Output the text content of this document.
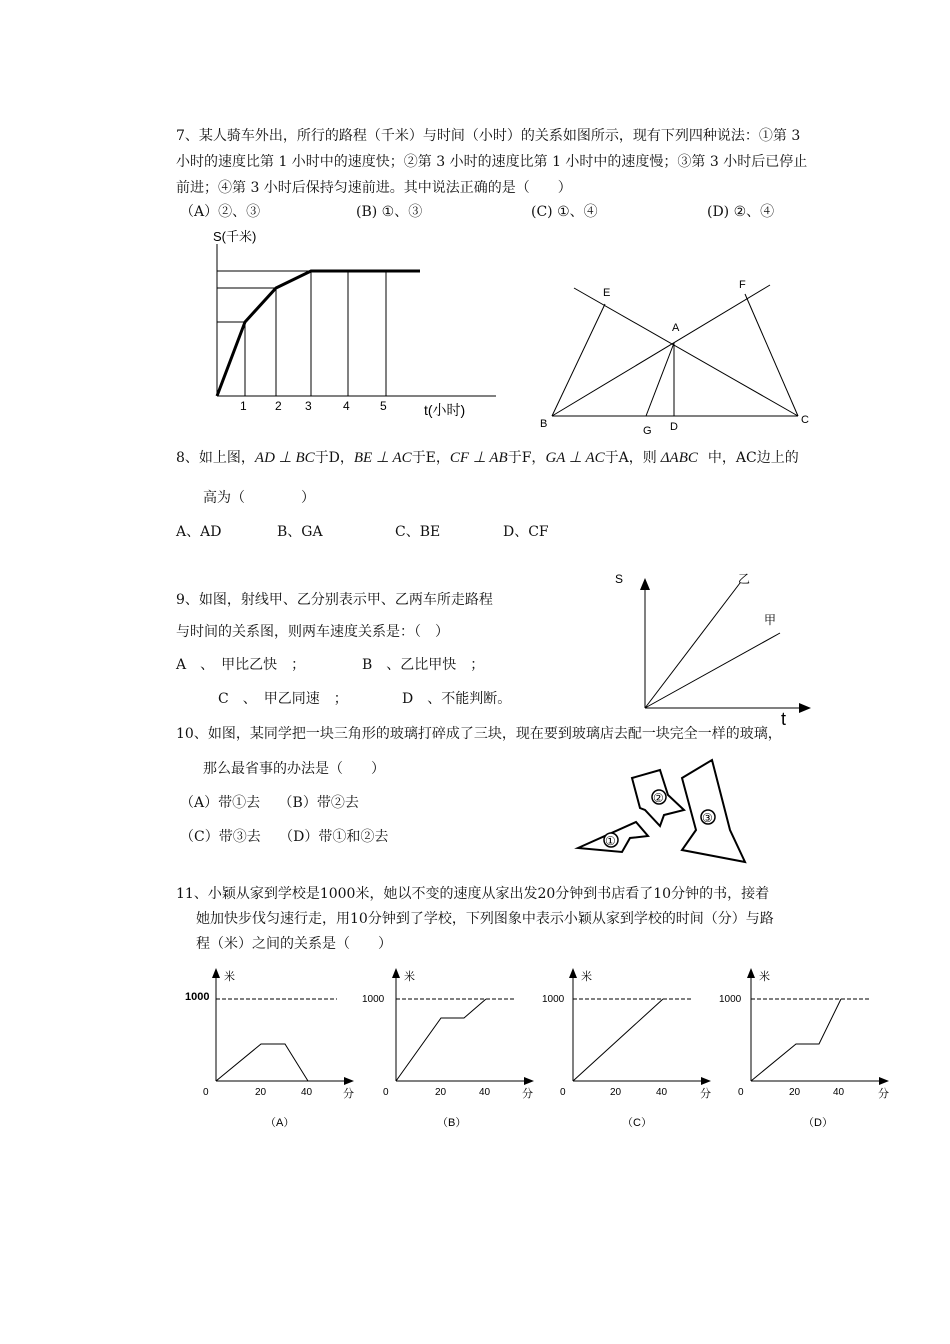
7、某人骑车外出，所行的路程（千米）与时间（小时）的关系如图所示，现有下列四种说法：①第 3
小时的速度比第 1 小时中的速度快；②第 3 小时的速度比第 1 小时中的速度慢；③第 3 小时后已停止
前进；④第 3 小时后保持匀速前进。其中说法正确的是（　　）
（A）②、③	(B) ①、③	(C) ①、④	(D) ②、④
S(千米)
t(小时)
1 2 3	4	5
E
F
A
B
G D
C
8、如上图，AD ⊥ BC于D，BE ⊥ AC于E，CF ⊥ AB于F，GA ⊥ AC于A，则 ΔABC 中，AC边上的
高为（　　　　）
A、AD	B、GA	C、BE	D、CF
9、如图，射线甲、乙分别表示甲、乙两车所走路程
与时间的关系图，则两车速度关系是：（　）
A　、　甲比乙快　；	B　、乙比甲快　；
C　、　甲乙同速　；	D　、不能判断。
S
t
乙
甲
10、如图，某同学把一块三角形的玻璃打碎成了三块，现在要到玻璃店去配一块完全一样的玻璃，
那么最省事的办法是（　　）
（A）带①去　 （B）带②去
（C）带③去　 （D）带①和②去	①
②
③
11、小颖从家到学校是1000米，她以不变的速度从家出发20分钟到书店看了10分钟的书，接着
她加快步伐匀速行走，用10分钟到了学校，下列图象中表示小颖从家到学校的时间（分）与路
程（米）之间的关系是（　　）
米
1000
0	20	40	分
（A）
米
1000
0	20	40	分
（B）
米
1000
0	20	40	分
（C）
米
1000
0	20	40	分
（D）
